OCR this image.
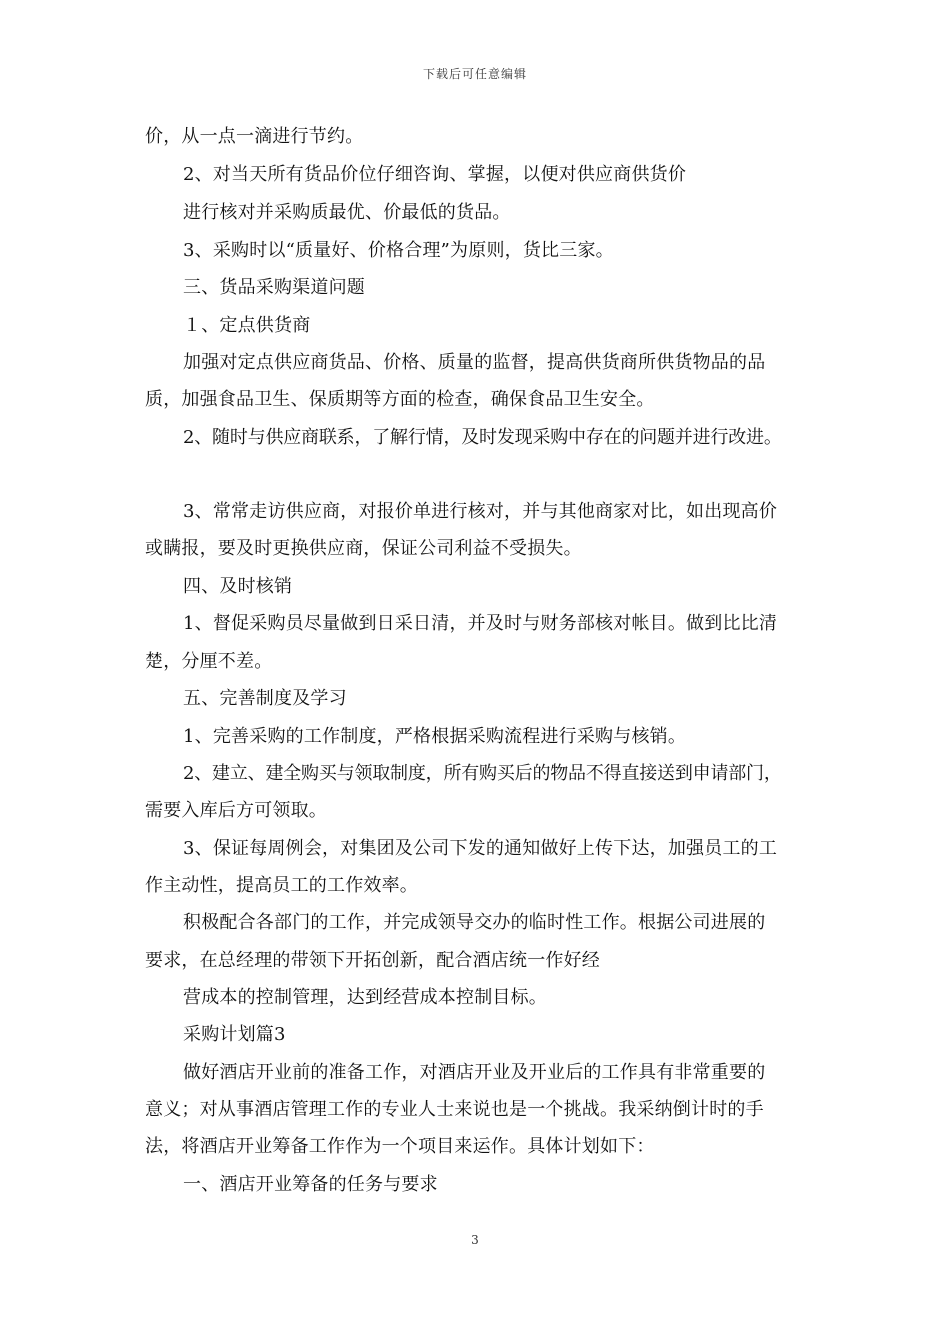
下载后可任意编辑
价，从一点一滴进行节约。
2、对当天所有货品价位仔细咨询、掌握，以便对供应商供货价
进行核对并采购质最优、价最低的货品。
3、采购时以“质量好、价格合理”为原则，货比三家。
三、货品采购渠道问题
１、定点供货商
加强对定点供应商货品、价格、质量的监督，提高供货商所供货物品的品
质，加强食品卫生、保质期等方面的检查，确保食品卫生安全。
2、随时与供应商联系，了解行情，及时发现采购中存在的问题并进行改进。
3、常常走访供应商，对报价单进行核对，并与其他商家对比，如出现高价
或瞒报，要及时更换供应商，保证公司利益不受损失。
四、及时核销
1、督促采购员尽量做到日采日清，并及时与财务部核对帐目。做到比比清
楚，分厘不差。
五、完善制度及学习
1、完善采购的工作制度，严格根据采购流程进行采购与核销。
2、建立、建全购买与领取制度，所有购买后的物品不得直接送到申请部门，
需要入库后方可领取。
3、保证每周例会，对集团及公司下发的通知做好上传下达，加强员工的工
作主动性，提高员工的工作效率。
积极配合各部门的工作，并完成领导交办的临时性工作。根据公司进展的
要求，在总经理的带领下开拓创新，配合酒店统一作好经
营成本的控制管理，达到经营成本控制目标。
采购计划篇3
做好酒店开业前的准备工作，对酒店开业及开业后的工作具有非常重要的
意义；对从事酒店管理工作的专业人士来说也是一个挑战。我采纳倒计时的手
法，将酒店开业筹备工作作为一个项目来运作。具体计划如下：
一、酒店开业筹备的任务与要求
3
